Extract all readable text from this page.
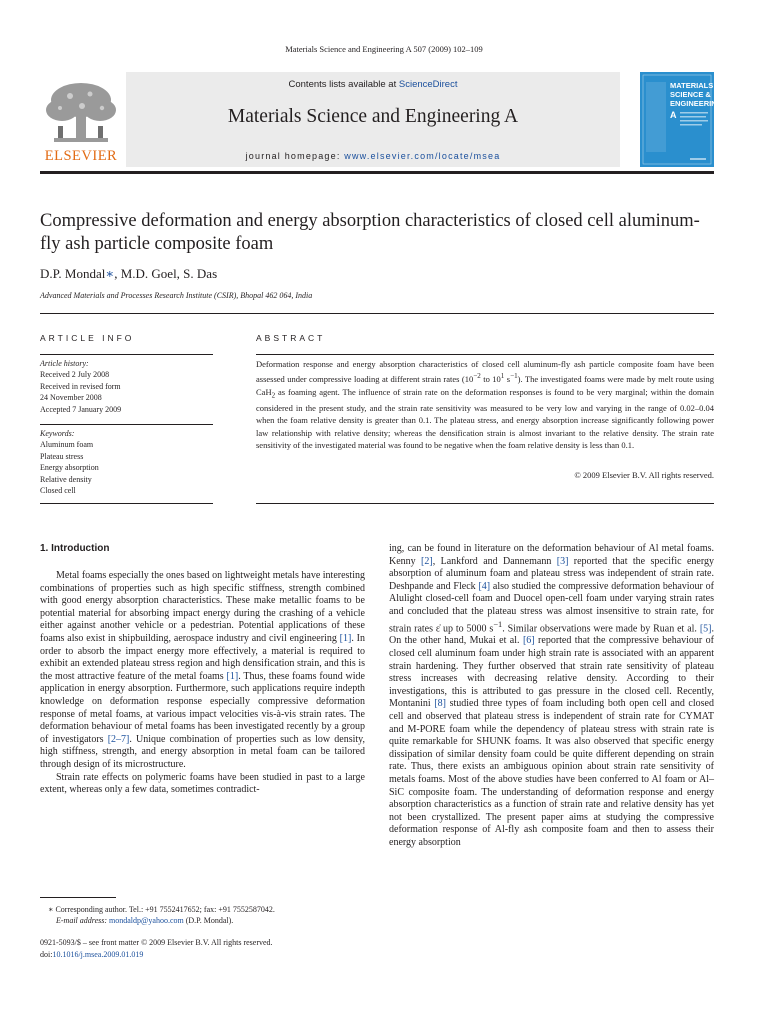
Materials Science and Engineering A 507 (2009) 102–109
ELSEVIER
Contents lists available at ScienceDirect
Materials Science and Engineering A
journal homepage: www.elsevier.com/locate/msea
MATERIALS
SCIENCE &
ENGINEERING
A
Compressive deformation and energy absorption characteristics of closed cell aluminum-fly ash particle composite foam
D.P. Mondal∗, M.D. Goel, S. Das
Advanced Materials and Processes Research Institute (CSIR), Bhopal 462 064, India
ARTICLE INFO	ABSTRACT
Article history:
Received 2 July 2008
Received in revised form
24 November 2008
Accepted 7 January 2009
Keywords:
Aluminum foam
Plateau stress
Energy absorption
Relative density
Closed cell
Deformation response and energy absorption characteristics of closed cell aluminum-fly ash particle composite foam have been assessed under compressive loading at different strain rates ($10^{-2}$ to $10^1$ $s^{-1}$). The investigated foams were made by melt route using CaH$_2$ as foaming agent. The influence of strain rate on the deformation responses is found to be very marginal; within the domain considered in the present study, and the strain rate sensitivity was measured to be very low and varying in the range of 0.02–0.04 when the foam relative density is greater than 0.1. The plateau stress, and energy absorption increase significantly following power law relationship with relative density; whereas the densification strain is almost invariant to the relative density. The strain rate sensitivity of the investigated material was found to be negative when the foam relative density is less than 0.1.
© 2009 Elsevier B.V. All rights reserved.
1. Introduction

Metal foams especially the ones based on lightweight metals have interesting combinations of properties such as high specific stiffness, strength combined with good energy absorption characteristics. These make metallic foams to be potential material for absorbing impact energy during the crashing of a vehicle either against another vehicle or a pedestrian. Potential applications of these foams also exist in shipbuilding, aerospace industry and civil engineering [1]. In order to absorb the impact energy more effectively, a material is required to exhibit an extended plateau stress region and high densification strain, and this is the most attractive feature of the metal foams [1]. Thus, these foams found wide application in energy absorption. Furthermore, such applications require indepth knowledge on deformation response especially compressive deformation response of metal foams, at various impact velocities vis-à-vis strain rates. The deformation behaviour of metal foams has been investigated recently by a group of investigators [2–7]. Unique combination of properties such as low density, high stiffness, strength, and energy absorption in metal foam can be tailored through design of its microstructure.

Strain rate effects on polymeric foams have been studied in past to a large extent, whereas only a few data, sometimes contradict-

ing, can be found in literature on the deformation behaviour of Al metal foams. Kenny [2], Lankford and Dannemann [3] reported that the specific energy absorption of aluminum foam and plateau stress was independent of strain rate. Deshpande and Fleck [4] also studied the compressive deformation behaviour of Alulight closed-cell foam and Duocel open-cell foam under varying strain rates and concluded that the plateau stress was almost insensitive to strain rate, for strain rates ε̇ up to 5000 $s^{-1}$. Similar observations were made by Ruan et al. [5]. On the other hand, Mukai et al. [6] reported that the compressive behaviour of closed cell aluminum foam under high strain rate is associated with an apparent strain hardening. They further observed that strain rate sensitivity of plateau stress increases with decreasing relative density. According to their investigations, this is attributed to gas pressure in the closed cell. Recently, Montanini [8] studied three types of foam including both open cell and closed cell and observed that plateau stress is independent of strain rate for CYMAT and M-PORE foam while the dependency of plateau stress with strain rate is quite remarkable for SHUNK foams. It was also observed that specific energy dissipation of similar density foam could be quite different depending on strain rate. Thus, there exists an ambiguous opinion about strain rate sensitivity of metals foams. Most of the above studies have been conferred to Al foam or Al–SiC composite foam. The understanding of deformation response and energy absorption characteristics as a function of strain rate and relative density has yet not been crystallized. The present paper aims at studying the compressive deformation response of Al-fly ash composite foam and then to assess their energy absorption

∗ Corresponding author. Tel.: +91 7552417652; fax: +91 7552587042.
E-mail address: mondaldp@yahoo.com (D.P. Mondal).
0921-5093/$ – see front matter © 2009 Elsevier B.V. All rights reserved.
doi:10.1016/j.msea.2009.01.019
